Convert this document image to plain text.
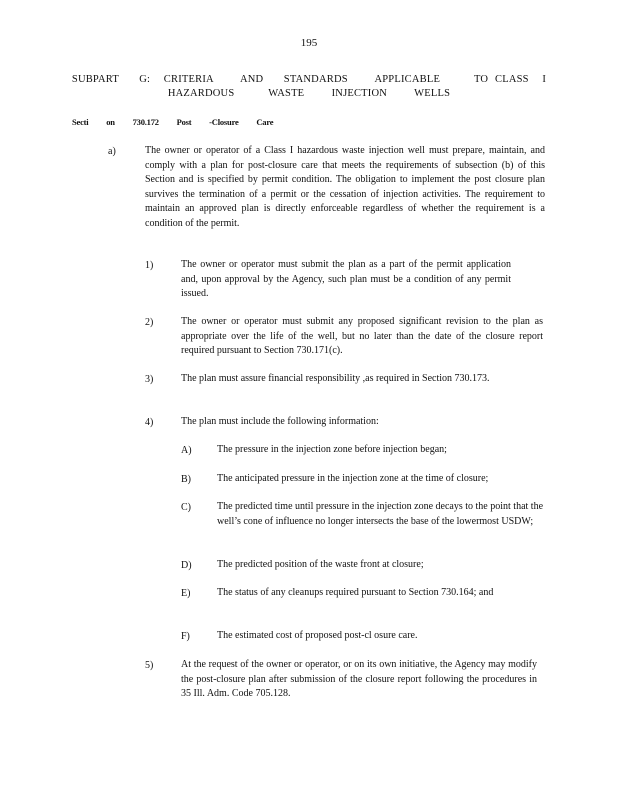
195
SUBPART   G:  CRITERIA    AND   STANDARDS    APPLICABLE     TO CLASS  I
HAZARDOUS     WASTE    INJECTION    WELLS
Secti   on   730.172   Post   -Closure   Care
a)	The owner or operator of a Class I hazardous waste injection well must prepare, maintain, and comply with a plan for post-closure care that meets the requirements of subsection (b) of this Section and is specified by permit condition. The obligation to implement the post closure plan survives the termination of a permit or the cessation of injection activities. The requirement to maintain an approved plan is directly enforceable regardless of whether the requirement is a condition of the permit.
1)	The owner or operator must submit the plan as a part of the permit application and, upon approval by the Agency, such plan must be a condition of any permit issued.
2)	The owner or operator must submit any proposed significant revision to the plan as appropriate over the life of the well, but no later than the date of the closure report required pursuant to Section 730.171(c).
3)	The plan must assure financial responsibility ,as required in Section 730.173.
4)	The plan must include the following information:
A)	The pressure in the injection zone before injection began;
B)	The anticipated pressure in the injection zone at the time of closure;
C)	The predicted time until pressure in the injection zone decays to the point that the well’s cone of influence no longer intersects the base of the lowermost USDW;
D)	The predicted position of the waste front at closure;
E)	The status of any cleanups required pursuant to Section 730.164; and
F)	The estimated cost of proposed post-cl osure care.
5)	At the request of the owner or operator, or on its own initiative, the Agency may modify the post-closure plan after submission of the closure report following the procedures in 35 Ill. Adm. Code 705.128.
